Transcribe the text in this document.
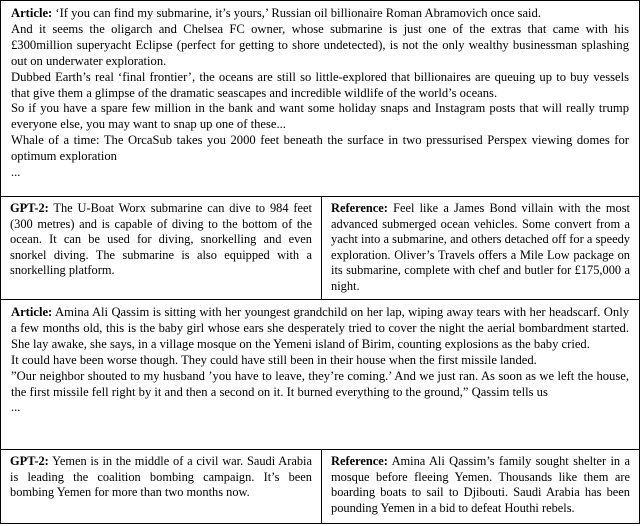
Article: ‘If you can find my submarine, it’s yours,’ Russian oil billionaire Roman Abramovich once said.

And it seems the oligarch and Chelsea FC owner, whose submarine is just one of the extras that came with his £300million superyacht Eclipse (perfect for getting to shore undetected), is not the only wealthy businessman splashing out on underwater exploration.

Dubbed Earth’s real ‘final frontier’, the oceans are still so little-explored that billionaires are queuing up to buy vessels that give them a glimpse of the dramatic seascapes and incredible wildlife of the world’s oceans.

So if you have a spare few million in the bank and want some holiday snaps and Instagram posts that will really trump everyone else, you may want to snap up one of these...

Whale of a time: The OrcaSub takes you 2000 feet beneath the surface in two pressurised Perspex viewing domes for optimum exploration

...

GPT-2: The U-Boat Worx submarine can dive to 984 feet (300 metres) and is capable of diving to the bottom of the ocean. It can be used for diving, snorkelling and even snorkel diving. The submarine is also equipped with a snorkelling platform.
Reference: Feel like a James Bond villain with the most advanced submerged ocean vehicles. Some convert from a yacht into a submarine, and others detached off for a speedy exploration. Oliver’s Travels offers a Mile Low package on its submarine, complete with chef and butler for £175,000 a night.

Article: Amina Ali Qassim is sitting with her youngest grandchild on her lap, wiping away tears with her headscarf. Only a few months old, this is the baby girl whose ears she desperately tried to cover the night the aerial bombardment started. She lay awake, she says, in a village mosque on the Yemeni island of Birim, counting explosions as the baby cried.

It could have been worse though. They could have still been in their house when the first missile landed.

”Our neighbor shouted to my husband ’you have to leave, they’re coming.’ And we just ran. As soon as we left the house, the first missile fell right by it and then a second on it. It burned everything to the ground,” Qassim tells us

...

GPT-2: Yemen is in the middle of a civil war. Saudi Arabia is leading the coalition bombing campaign. It’s been bombing Yemen for more than two months now.
Reference: Amina Ali Qassim’s family sought shelter in a mosque before fleeing Yemen. Thousands like them are boarding boats to sail to Djibouti. Saudi Arabia has been pounding Yemen in a bid to defeat Houthi rebels.
